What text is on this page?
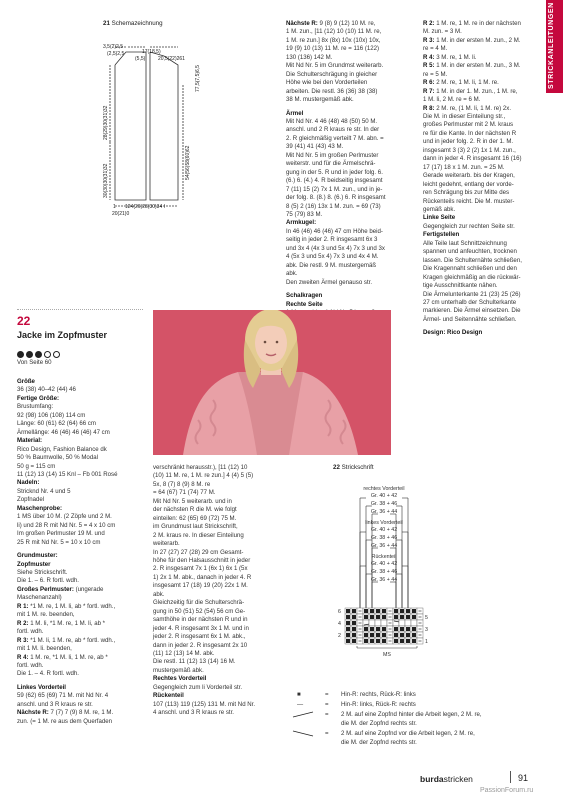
STRICKANLEITUNGEN
21 Schemazeichnung
3,5(2)2,5
(2,5)2,5	17(18,5)
(5,5)	20,5(22)261
77,5(7,5)6,5
28(29)30(31)32
30(30)30(31)32
54(56)58(60)62
1
20(21)0
124(26)28(30)34 I
22
Jacke im Zopfmuster
Von Seite 60
Größe
36 (38) 40–42 (44) 46
Fertige Größe:
Brustumfang:
92 (98) 106 (108) 114 cm
Länge: 60 (61) 62 (64) 66 cm
Ärmellänge: 46 (46) 46 (46) 47 cm
Material:
Rico Design, Fashion Balance dk
50 % Baumwolle, 50 % Modal
50 g = 115 cm
11 (12) 13 (14) 15 Knl – Fb 001 Rosé
Nadeln:
Stricknd Nr. 4 und 5
Zopfnadel
Maschenprobe:
1 MS über 10 M. (2 Zöpfe und 2 M.
li) und 28 R mit Nd Nr. 5 = 4 x 10 cm
Im großen Perlmuster 19 M. und
25 R mit Nd Nr. 5 = 10 x 10 cm
Grundmuster:
Zopfmuster
Siehe Strickschrift.
Die 1. – 6. R fortl. wdh.
Großes Perlmuster: (ungerade
Maschenanzahl)
R 1: *1 M. re, 1 M. li, ab * fortl. wdh.,
mit 1 M. re. beenden,
R 2: 1 M. li, *1 M. re, 1 M. li, ab *
fortl. wdh.
R 3: *1 M. li, 1 M. re, ab * fortl. wdh.,
mit 1 M. li. beenden,
R 4: 1 M. re, *1 M. li, 1 M. re, ab *
fortl. wdh.
Die 1. – 4. R fortl. wdh.
Linkes Vorderteil
59 (62) 65 (69) 71 M. mit Nd Nr. 4
anschl. und 3 R kraus re str.
Nächste R: 7 (7) 7 (9) 8 M. re, 1 M.
zun. (= 1 M. re aus dem Querfaden
verschränkt herausstr.), [11 (12) 10
(10) 11 M. re, 1 M. re zun.] 4 (4) 5 (5)
5x, 8 (7) 8 (9) 8 M. re
= 64 (67) 71 (74) 77 M.
Mit Nd Nr. 5 weiterarb. und in
der nächsten R die M. wie folgt
einteilen: 62 (65) 69 (72) 75 M.
im Grundmust laut Strickschrift,
2 M. kraus re. In dieser Einteilung
weiterarb.
In 27 (27) 27 (28) 29 cm Gesamt-
höhe für den Halsausschnitt in jeder
2. R insgesamt 7x 1 (6x 1) 6x 1 (5x
1) 2x 1 M. abk., danach in jeder 4. R
insgesamt 17 (18) 19 (20) 22x 1 M.
abk.
Gleichzeitig für die Schulterschrä-
gung in 50 (51) 52 (54) 56 cm Ge-
samthöhe in der nächsten R und in
jeder 4. R insgesamt 3x 1 M. und in
jeder 2. R insgesamt 6x 1 M. abk.,
dann in jeder 2. R insgesamt 2x 10
(11) 12 (13) 14 M. abk.
Die restl. 11 (12) 13 (14) 16 M.
mustergemäß abk.
Rechtes Vorderteil
Gegengleich zum li Vorderteil str.
Rückenteil
107 (113) 119 (125) 131 M. mit Nd Nr.
4 anschl. und 3 R kraus re str.
Nächste R: 9 (8) 9 (12) 10 M. re,
1 M. zun., [11 (12) 10 (10) 11 M. re,
1 M. re zun.] 8x (8x) 10x (10x) 10x,
19 (9) 10 (13) 11 M. re = 116 (122)
130 (136) 142 M.
Mit Nd Nr. 5 im Grundmst weiterarb.
Die Schulterschrägung in gleicher
Höhe wie bei den Vorderteilen
arbeiten. Die restl. 36 (36) 38 (38)
38 M. mustergemäß abk.
Ärmel
Mit Nd Nr. 4 46 (48) 48 (50) 50 M.
anschl. und 2 R kraus re str. In der
2. R gleichmäßig verteilt 7 M. abn. =
39 (41) 41 (43) 43 M.
Mit Nd Nr. 5 im großen Perlmuster
weiterstr. und für die Ärmelschrä-
gung in der 5. R und in jeder folg. 6.
(6.) 6. (4.) 4. R beidseitig insgesamt
7 (11) 15 (2) 7x 1 M. zun., und in je-
der folg. 8. (8.) 8. (6.) 6. R insgesamt
8 (5) 2 (16) 13x 1 M. zun. = 69 (73)
75 (79) 83 M.
Armkugel:
In 46 (46) 46 (46) 47 cm Höhe beid-
seitig in jeder 2. R insgesamt 6x 3
und 3x 4 (4x 3 und 5x 4) 7x 3 und 3x
4 (5x 3 und 5x 4) 7x 3 und 4x 4 M.
abk. Die restl. 9 M. mustergemäß
abk.
Den zweiten Ärmel genauso str.
Schalkragen
Rechte Seite
R 2: 1 M. re, 1 M. re in der nächsten
M. zun. = 3 M.
R 3: 1 M. in der ersten M. zun., 2 M.
re = 4 M.
R 4: 3 M. re, 1 M. li.
R 5: 1 M. in der ersten M. zun., 3 M.
re = 5 M.
R 6: 2 M. re, 1 M. li, 1 M. re.
R 7: 1 M. in der 1. M. zun., 1 M. re,
1 M. li, 2 M. re = 6 M.
R 8: 2 M. re, (1 M. li, 1 M. re) 2x.
Die M. in dieser Einteilung str.,
großes Perlmuster mit 2 M. kraus
re für die Kante. In der nächsten R
und in jeder folg. 2. R in der 1. M.
insgesamt 3 (3) 2 (2) 1x 1 M. zun.,
dann in jeder 4. R insgesamt 16 (16)
17 (17) 18 x 1 M. zun. = 25 M.
Gerade weiterarb. bis der Kragen,
leicht gedehnt, entlang der vorde-
ren Schrägung bis zur Mitte des
Rückenteils reicht. Die M. muster-
gemäß abk.
Linke Seite
Gegengleich zur rechten Seite str.
Fertigstellen
Alle Teile laut Schnittzeichnung
spannen und anfeuchten, trocknen
lassen. Die Schulternähte schließen,
Die Kragennaht schließen und den
Kragen gleichmäßig an die rückwär-
tige Ausschnittkante nähen.
Die Ärmelunterkante 21 (23) 25 (26)
27 cm unterhalb der Schulterkante
markieren. Die Ärmel einsetzen. Die
Ärmel- und Seitennähte schließen.
Design: Rico Design
22 Strickschrift
rechtes Vorderteil
Gr. 40 + 42
Gr. 38 + 46
Gr. 36 + 44
linkes Vorderteil
Gr. 40 + 42
Gr. 38 + 46
Gr. 36 + 44
Rückenteil
Gr. 40 + 42
Gr. 38 + 46
Gr. 36 + 44
6
4
2
5
3
1
MS
■	= Hin-R: rechts, Rück-R: links
—	= Hin-R: links, Rück-R: rechts
= 2 M. auf eine Zopfnd hinter die Arbeit legen, 2 M. re,
die M. der Zopfnd rechts str.
= 2 M. auf eine Zopfnd vor die Arbeit legen, 2 M. re,
die M. der Zopfnd rechts str.
burdastricken	91
PassionForum.ru
